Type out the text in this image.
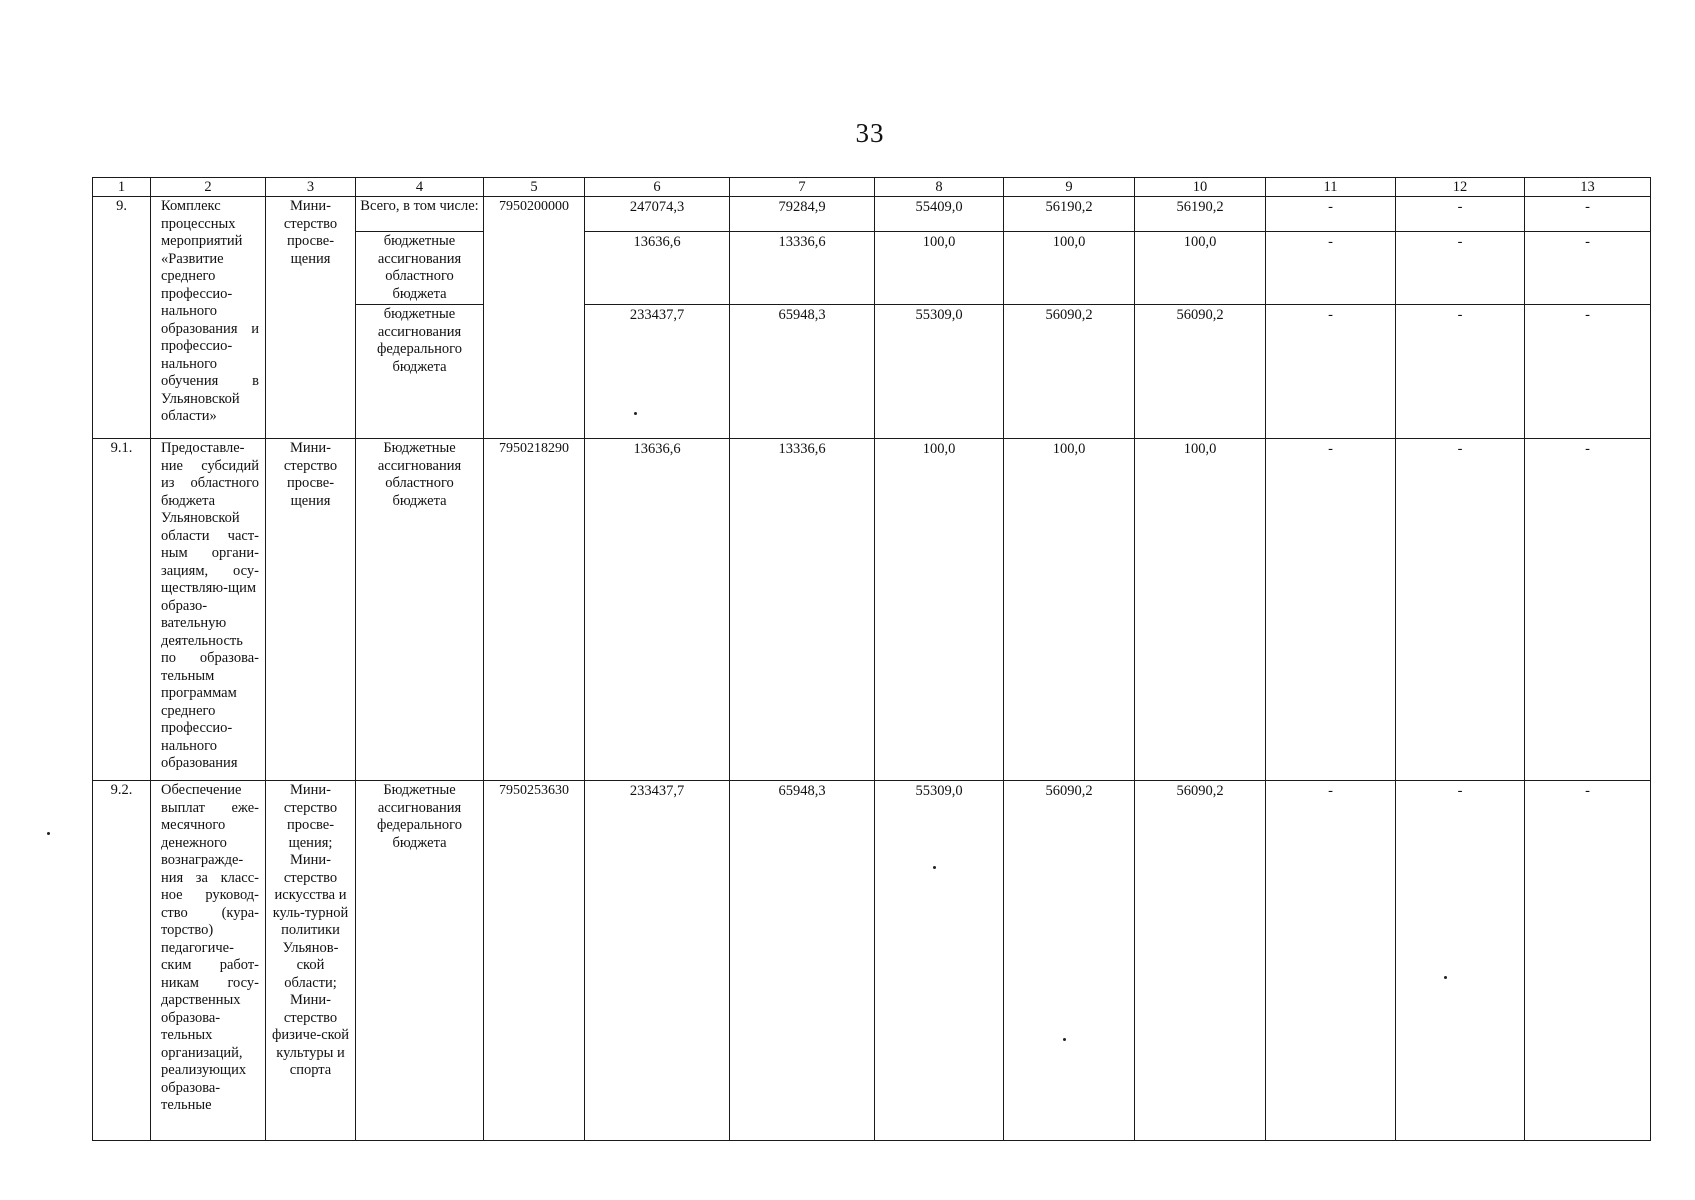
33
1	2	3	4	5	6	7	8	9	10	11	12	13
9.	Комплекс процессных мероприятий «Развитие среднего профессио-нального образования и профессио-нального обучения в Ульяновской области»	Мини-стерство просве-щения	Всего, в том числе:	7950200000	247074,3	79284,9	55409,0	56190,2	56190,2	-	-	-
			бюджетные ассигнования областного бюджета		13636,6	13336,6	100,0	100,0	100,0	-	-	-
			бюджетные ассигнования федерального бюджета		233437,7	65948,3	55309,0	56090,2	56090,2	-	-	-
9.1.	Предоставле-ние субсидий из областного бюджета Ульяновской области част-ным органи-зациям, осу-ществляю-щим образо-вательную деятельность по образова-тельным программам среднего профессио-нального образования	Мини-стерство просве-щения	Бюджетные ассигнования областного бюджета	7950218290	13636,6	13336,6	100,0	100,0	100,0	-	-	-
9.2.	Обеспечение выплат еже-месячного денежного вознагражде-ния за класс-ное руковод-ство (кура-торство) педагогиче-ским работ-никам госу-дарственных образова-тельных организаций, реализующих образова-тельные	Мини-стерство просве-щения; Мини-стерство искусства и куль-турной политики Ульянов-ской области; Мини-стерство физиче-ской культуры и спорта	Бюджетные ассигнования федерального бюджета	7950253630	233437,7	65948,3	55309,0	56090,2	56090,2	-	-	-
